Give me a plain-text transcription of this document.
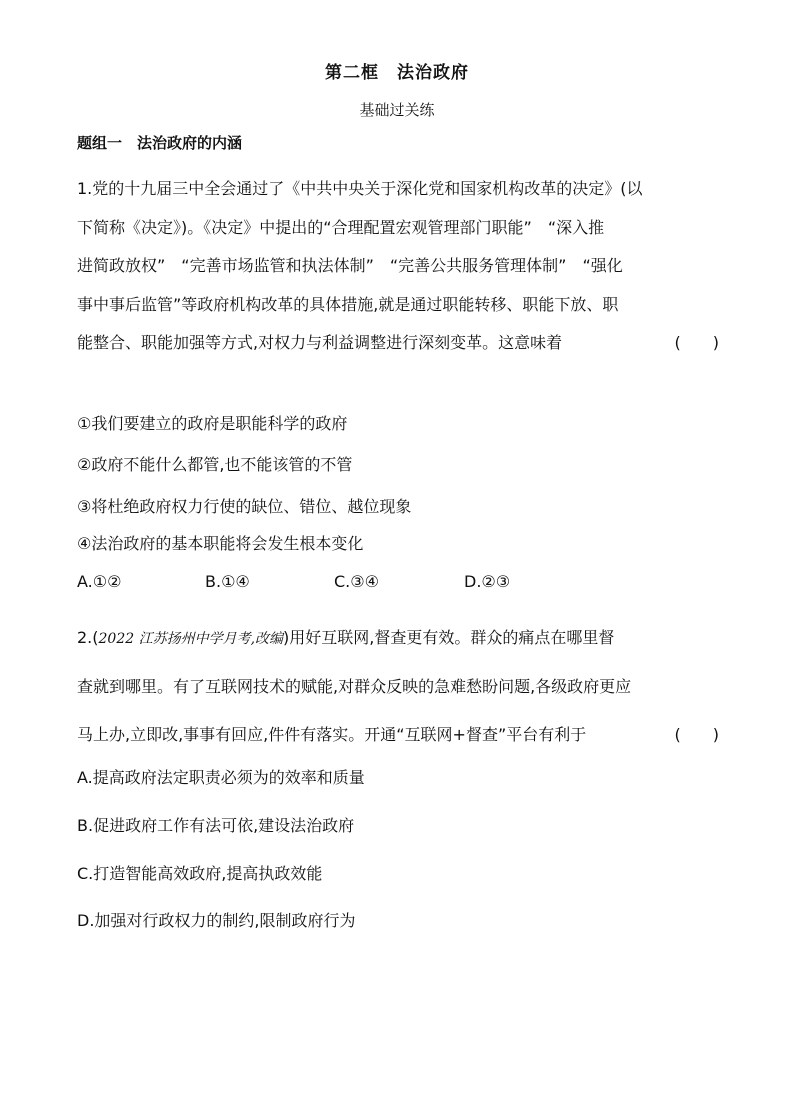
第二框　法治政府
基础过关练
题组一　法治政府的内涵
1.党的十九届三中全会通过了《中共中央关于深化党和国家机构改革的决定》(以
下简称《决定》)。《决定》中提出的“合理配置宏观管理部门职能”　“深入推
进简政放权”　“完善市场监管和执法体制”　“完善公共服务管理体制”　“强化
事中事后监管”等政府机构改革的具体措施,就是通过职能转移、职能下放、职
能整合、职能加强等方式,对权力与利益调整进行深刻变革。这意味着	(　　)
①我们要建立的政府是职能科学的政府
②政府不能什么都管,也不能该管的不管
③将杜绝政府权力行使的缺位、错位、越位现象
④法治政府的基本职能将会发生根本变化
A.①②	B.①④	C.③④	D.②③
2.(2022 江苏扬州中学月考,改编)用好互联网,督查更有效。群众的痛点在哪里督
查就到哪里。有了互联网技术的赋能,对群众反映的急难愁盼问题,各级政府更应
马上办,立即改,事事有回应,件件有落实。开通“互联网+督查”平台有利于	(　　)
A.提高政府法定职责必须为的效率和质量
B.促进政府工作有法可依,建设法治政府
C.打造智能高效政府,提高执政效能
D.加强对行政权力的制约,限制政府行为
